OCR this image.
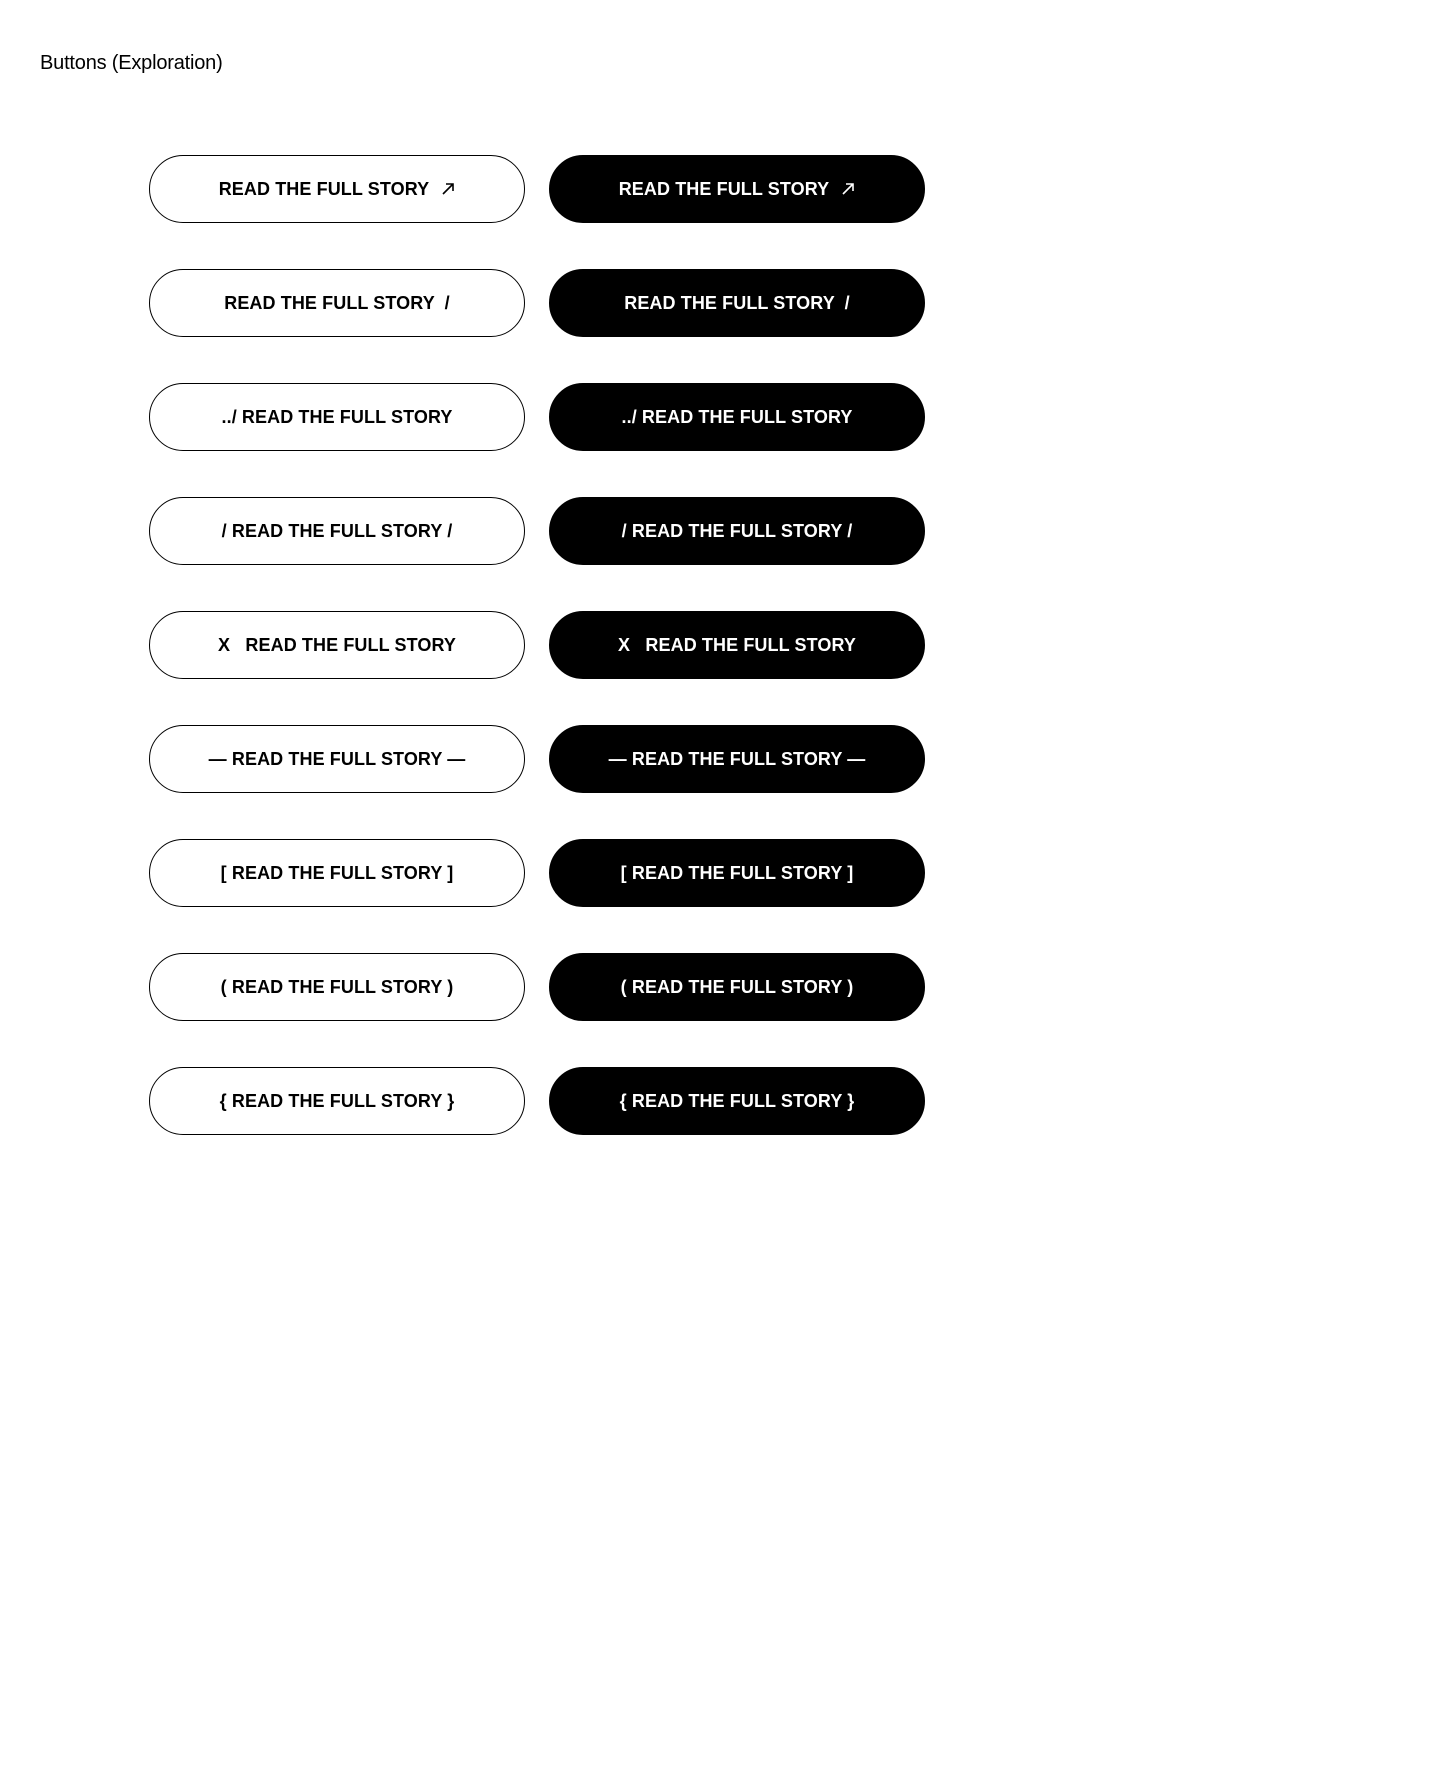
Buttons (Exploration)
READ THE FULL STORY	READ THE FULL STORY
READ THE FULL STORY  /	READ THE FULL STORY  /
../ READ THE FULL STORY	../ READ THE FULL STORY
/ READ THE FULL STORY /	/ READ THE FULL STORY /
X   READ THE FULL STORY	X   READ THE FULL STORY
— READ THE FULL STORY —	— READ THE FULL STORY —
[ READ THE FULL STORY ]	[ READ THE FULL STORY ]
( READ THE FULL STORY )	( READ THE FULL STORY )
{ READ THE FULL STORY }	{ READ THE FULL STORY }
